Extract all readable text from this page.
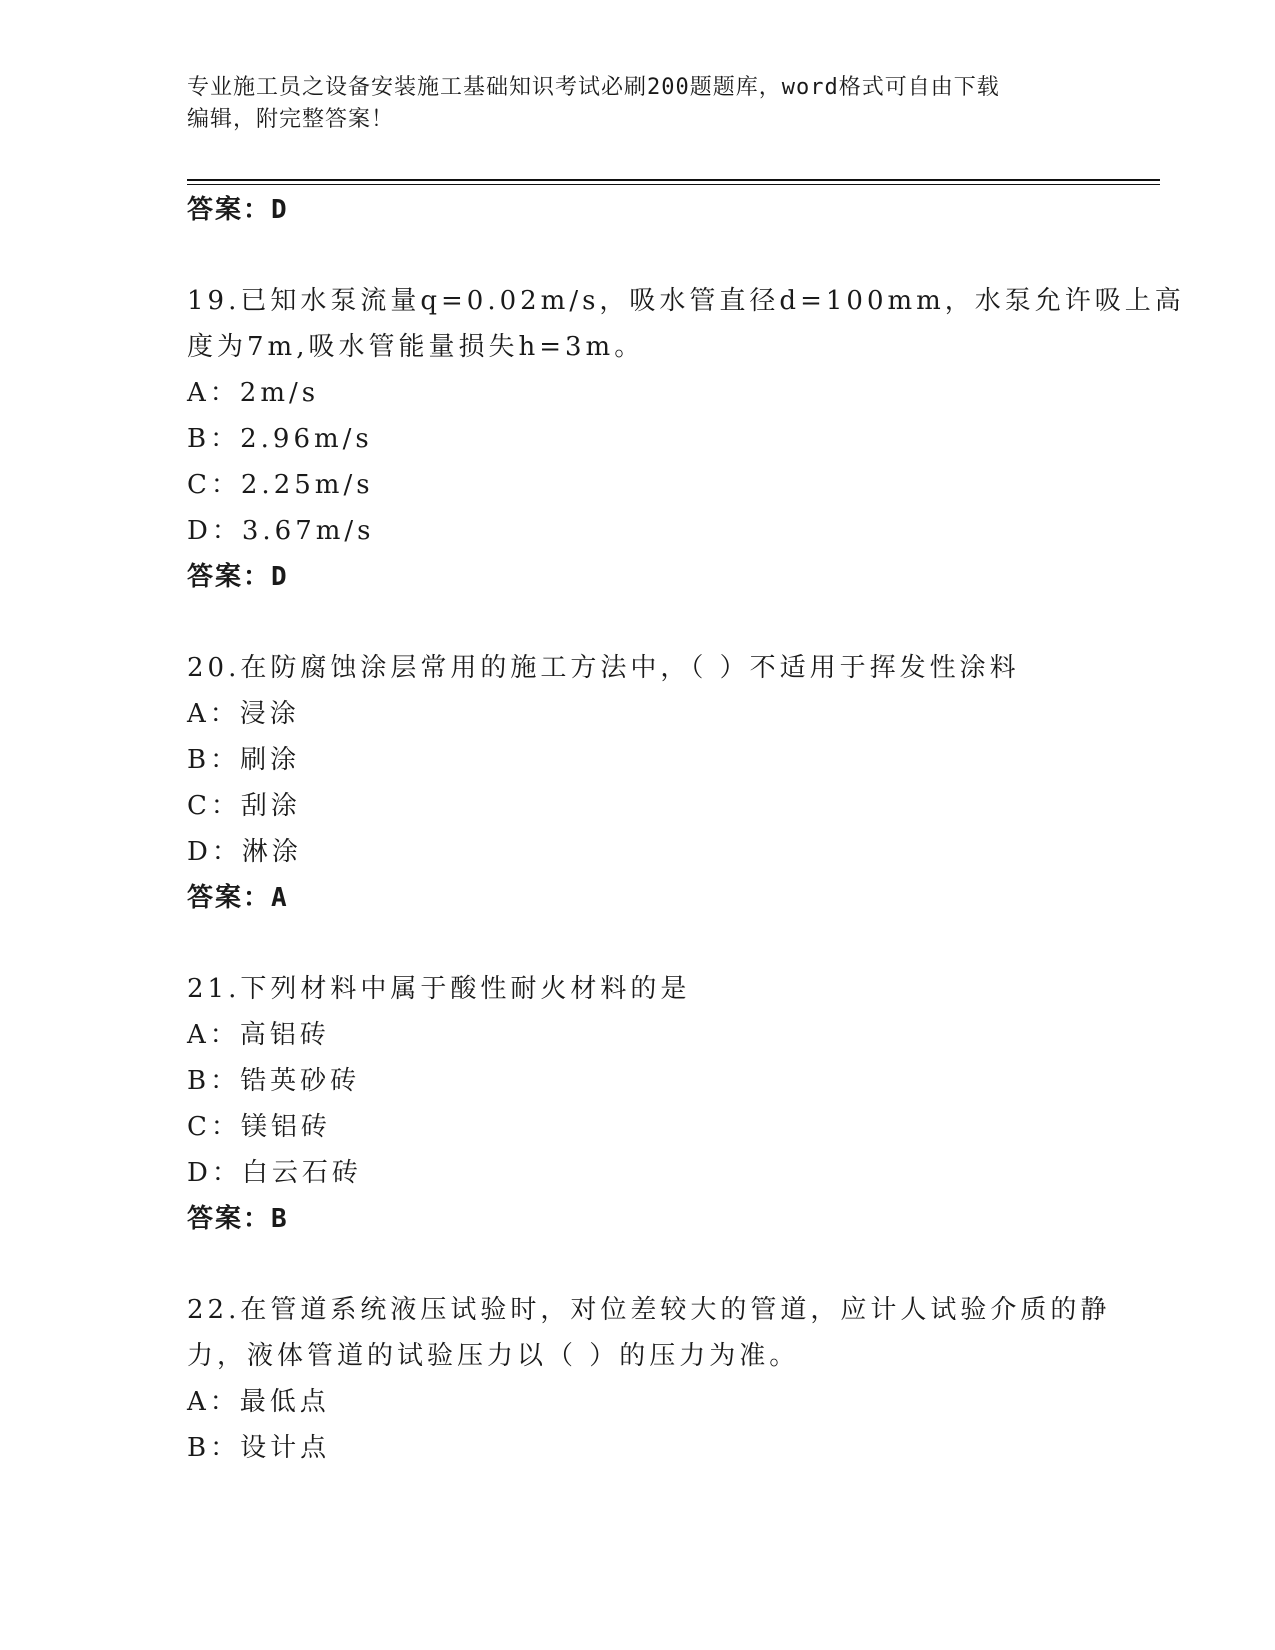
专业施工员之设备安装施工基础知识考试必刷200题题库，word格式可自由下载
编辑，附完整答案！
答案：D
19.已知水泵流量q=0.02m/s，吸水管直径d=100mm，水泵允许吸上高
度为7m,吸水管能量损失h=3m。
A：2m/s
B：2.96m/s
C：2.25m/s
D：3.67m/s
答案：D
20.在防腐蚀涂层常用的施工方法中，（ ）不适用于挥发性涂料
A：浸涂
B：刷涂
C：刮涂
D：淋涂
答案：A
21.下列材料中属于酸性耐火材料的是
A：高铝砖
B：锆英砂砖
C：镁铝砖
D：白云石砖
答案：B
22.在管道系统液压试验时，对位差较大的管道，应计人试验介质的静
力，液体管道的试验压力以（ ）的压力为准。
A：最低点
B：设计点
